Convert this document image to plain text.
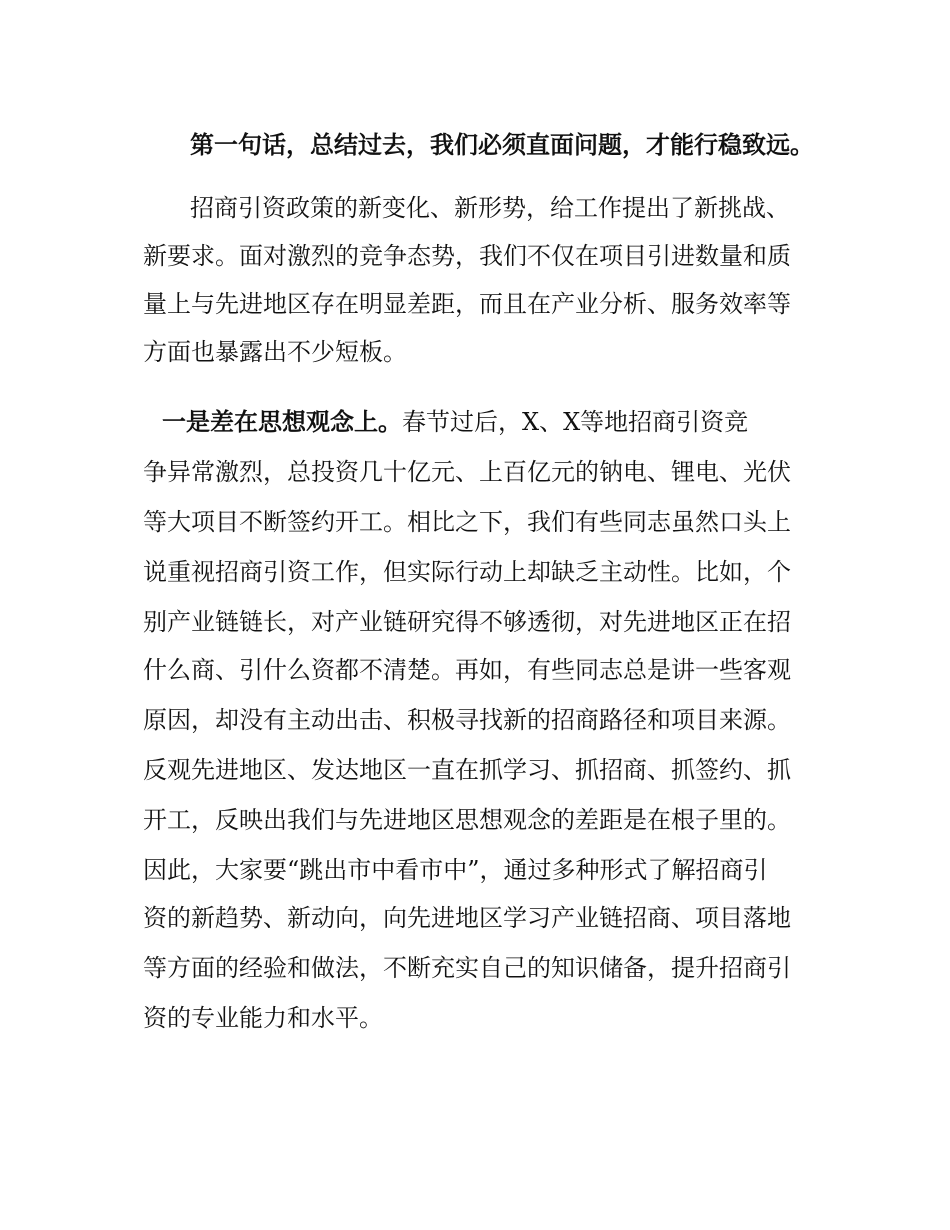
第一句话，总结过去，我们必须直面问题，才能行稳致远。
招商引资政策的新变化、新形势，给工作提出了新挑战、
新要求。面对激烈的竞争态势，我们不仅在项目引进数量和质
量上与先进地区存在明显差距，而且在产业分析、服务效率等
方面也暴露出不少短板。
一是差在思想观念上。春节过后，X、X等地招商引资竞
争异常激烈，总投资几十亿元、上百亿元的钠电、锂电、光伏
等大项目不断签约开工。相比之下，我们有些同志虽然口头上
说重视招商引资工作，但实际行动上却缺乏主动性。比如，个
别产业链链长，对产业链研究得不够透彻，对先进地区正在招
什么商、引什么资都不清楚。再如，有些同志总是讲一些客观
原因，却没有主动出击、积极寻找新的招商路径和项目来源。
反观先进地区、发达地区一直在抓学习、抓招商、抓签约、抓
开工，反映出我们与先进地区思想观念的差距是在根子里的。
因此，大家要“跳出市中看市中”，通过多种形式了解招商引
资的新趋势、新动向，向先进地区学习产业链招商、项目落地
等方面的经验和做法，不断充实自己的知识储备，提升招商引
资的专业能力和水平。
